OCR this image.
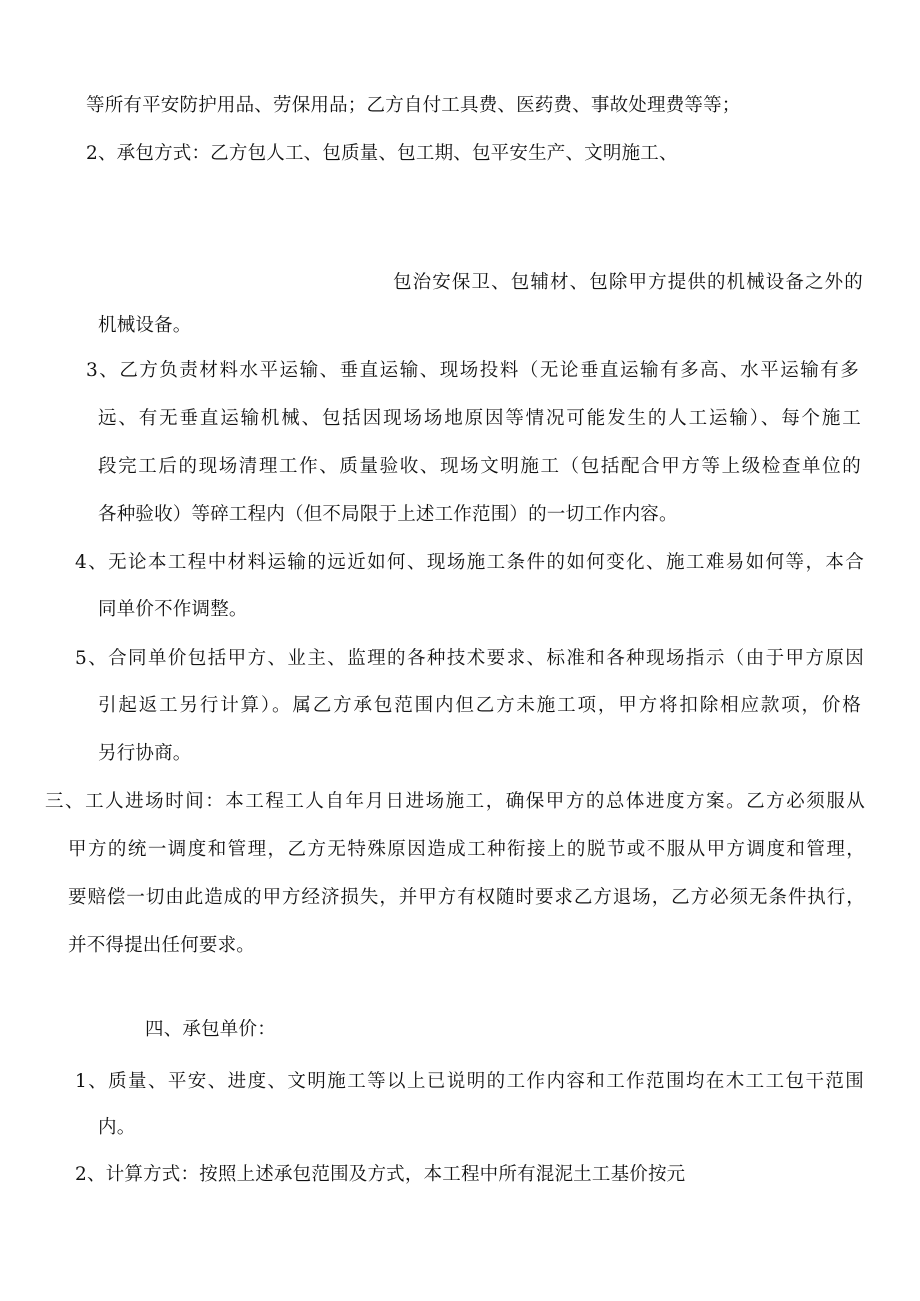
等所有平安防护用品、劳保用品；乙方自付工具费、医药费、事故处理费等等；
2、承包方式：乙方包人工、包质量、包工期、包平安生产、文明施工、
包治安保卫、包辅材、包除甲方提供的机械设备之外的
机械设备。
3、乙方负责材料水平运输、垂直运输、现场投料（无论垂直运输有多高、水平运输有多
远、有无垂直运输机械、包括因现场场地原因等情况可能发生的人工运输）、每个施工
段完工后的现场清理工作、质量验收、现场文明施工（包括配合甲方等上级检查单位的
各种验收）等碎工程内（但不局限于上述工作范围）的一切工作内容。
4、无论本工程中材料运输的远近如何、现场施工条件的如何变化、施工难易如何等，本合
同单价不作调整。
5、合同单价包括甲方、业主、监理的各种技术要求、标准和各种现场指示（由于甲方原因
引起返工另行计算）。属乙方承包范围内但乙方未施工项，甲方将扣除相应款项，价格
另行协商。
三、工人进场时间：本工程工人自年月日进场施工，确保甲方的总体进度方案。乙方必须服从
甲方的统一调度和管理，乙方无特殊原因造成工种衔接上的脱节或不服从甲方调度和管理，
要赔偿一切由此造成的甲方经济损失，并甲方有权随时要求乙方退场，乙方必须无条件执行，
并不得提出任何要求。
四、承包单价：
1、质量、平安、进度、文明施工等以上已说明的工作内容和工作范围均在木工工包干范围
内。
2、计算方式：按照上述承包范围及方式，本工程中所有混泥土工基价按元
